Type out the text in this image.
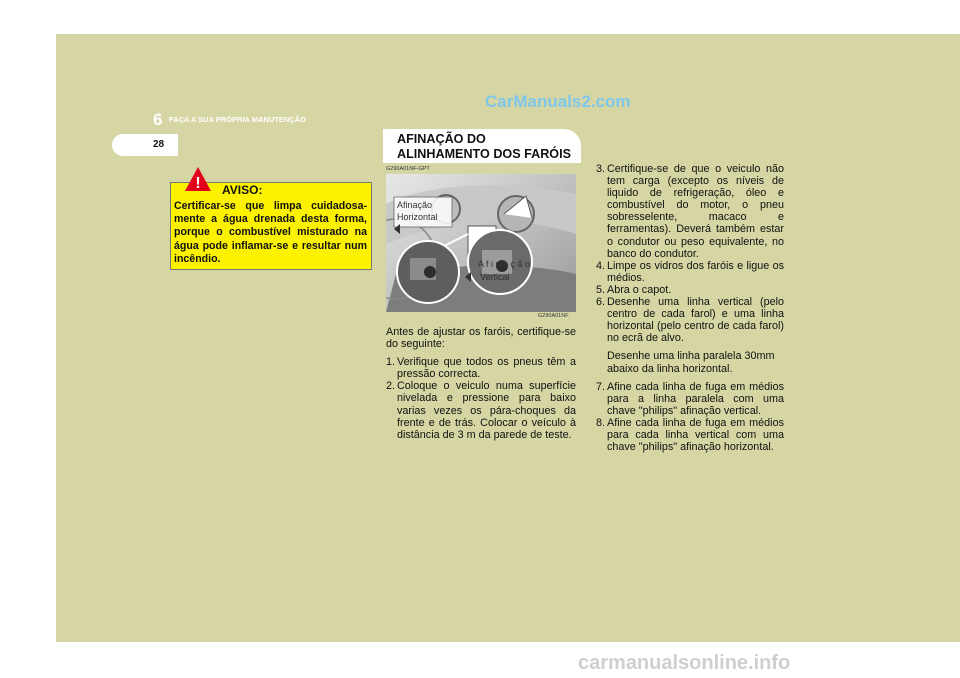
CarManuals2.com
6 FAÇA A SUA PRÓPRIA MANUTENÇÃO
28
! AVISO:
Certificar-se que limpa cuidadosa-mente a água drenada desta forma, porque o combustível misturado na água pode inflamar-se e resultar num incêndio.
AFINAÇÃO DO
ALINHAMENTO DOS FARÓIS
G290A01NF-GPT
Afinação
Horizontal
A f i n a ç ã o
Vertical
G290A01NF

Antes de ajustar os faróis, certifique-se do seguinte:

1. Verifique que todos os pneus têm a pressão correcta.
2. Coloque o veiculo numa superfície nivelada e pressione para baixo varias vezes os pára-choques da frente e de trás. Colocar o veículo à distância de 3 m da parede de teste.
3. Certifique-se de que o veiculo não tem carga (excepto os níveis de liquido de refrigeração, óleo e combustível do motor, o pneu sobresselente, macaco e ferramentas). Deverá também estar o condutor ou peso equivalente, no banco do condutor.
4. Limpe os vidros dos faróis e ligue os médios.
5. Abra o capot.
6. Desenhe uma linha vertical (pelo centro de cada farol) e uma linha horizontal (pelo centro de cada farol) no ecrã de alvo.
Desenhe uma linha paralela 30mm abaixo da linha horizontal.
7. Afine cada linha de fuga em médios para a linha paralela com uma chave "philips" afinação vertical.
8. Afine cada linha de fuga em médios para cada linha vertical com uma chave "philips" afinação horizontal.
carmanualsonline.info
